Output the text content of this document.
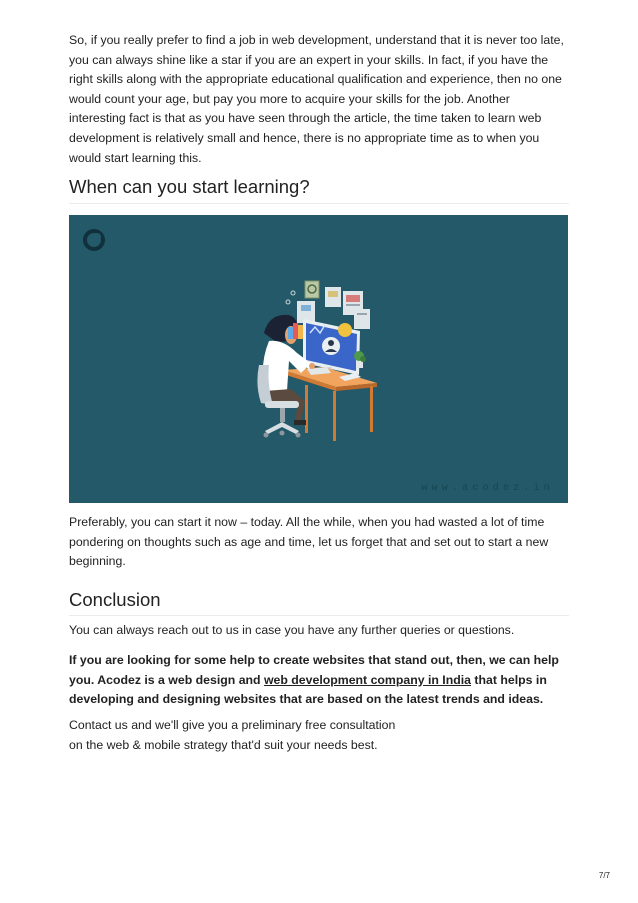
So, if you really prefer to find a job in web development, understand that it is never too late,
you can always shine like a star if you are an expert in your skills. In fact, if you have the
right skills along with the appropriate educational qualification and experience, then no one
would count your age, but pay you more to acquire your skills for the job. Another
interesting fact is that as you have seen through the article, the time taken to learn web
development is relatively small and hence, there is no appropriate time as to when you
would start learning this.

When can you start learning?
www.acodez.in

Preferably, you can start it now – today. All the while, when you had wasted a lot of time
pondering on thoughts such as age and time, let us forget that and set out to start a new
beginning.

Conclusion

You can always reach out to us in case you have any further queries or questions.

If you are looking for some help to create websites that stand out, then, we can help
you. Acodez is a web design and web development company in India that helps in
developing and designing websites that are based on the latest trends and ideas.

Contact us and we'll give you a preliminary free consultation
on the web & mobile strategy that'd suit your needs best.

7/7
